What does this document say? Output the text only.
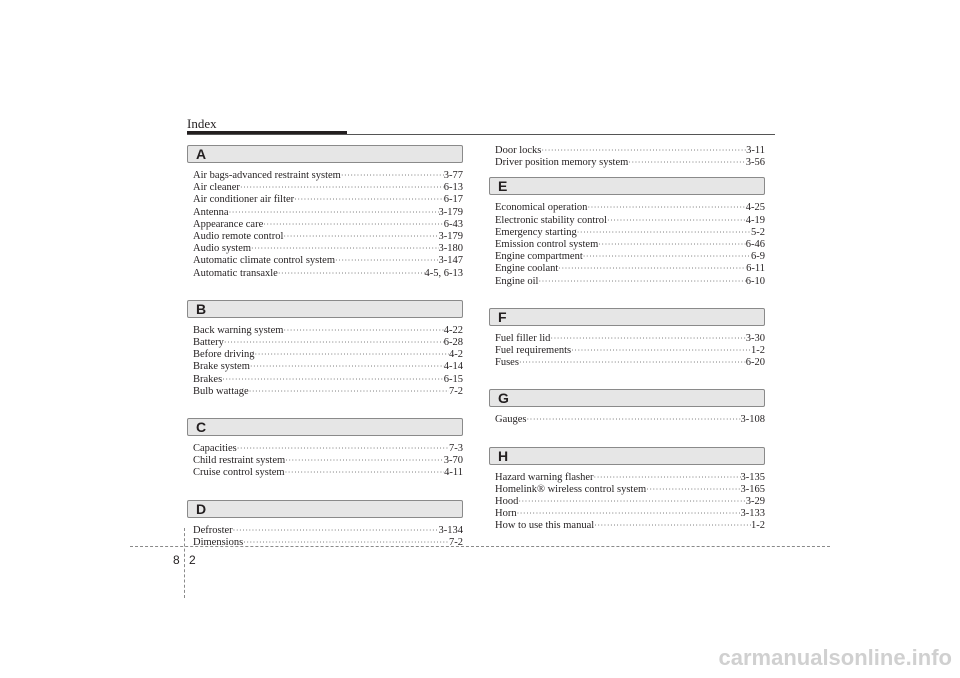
Index
A
Air bags-advanced restraint system ·····	3-77
Air cleaner ·····	6-13
Air conditioner air filter ·····	6-17
Antenna ·····	3-179
Appearance care ·····	6-43
Audio remote control ·····	3-179
Audio system ·····	3-180
Automatic climate control system ·····	3-147
Automatic transaxle ·····	4-5, 6-13
B
Back warning system ·····	4-22
Battery ·····	6-28
Before driving ·····	4-2
Brake system ·····	4-14
Brakes ·····	6-15
Bulb wattage ·····	7-2
C
Capacities ·····	7-3
Child restraint system ·····	3-70
Cruise control system ·····	4-11
D
Defroster ·····	3-134
Dimensions ·····	7-2
Door locks ·····	3-11
Driver position memory system ·····	3-56
E
Economical operation ·····	4-25
Electronic stability control ·····	4-19
Emergency starting ·····	5-2
Emission control system ·····	6-46
Engine compartment ·····	6-9
Engine coolant ·····	6-11
Engine oil ·····	6-10
F
Fuel filler lid ·····	3-30
Fuel requirements ·····	1-2
Fuses ·····	6-20
G
Gauges ·····	3-108
H
Hazard warning flasher ·····	3-135
Homelink® wireless control system ·····	3-165
Hood ·····	3-29
Horn ·····	3-133
How to use this manual ·····	1-2
8 2
carmanualsonline.info
